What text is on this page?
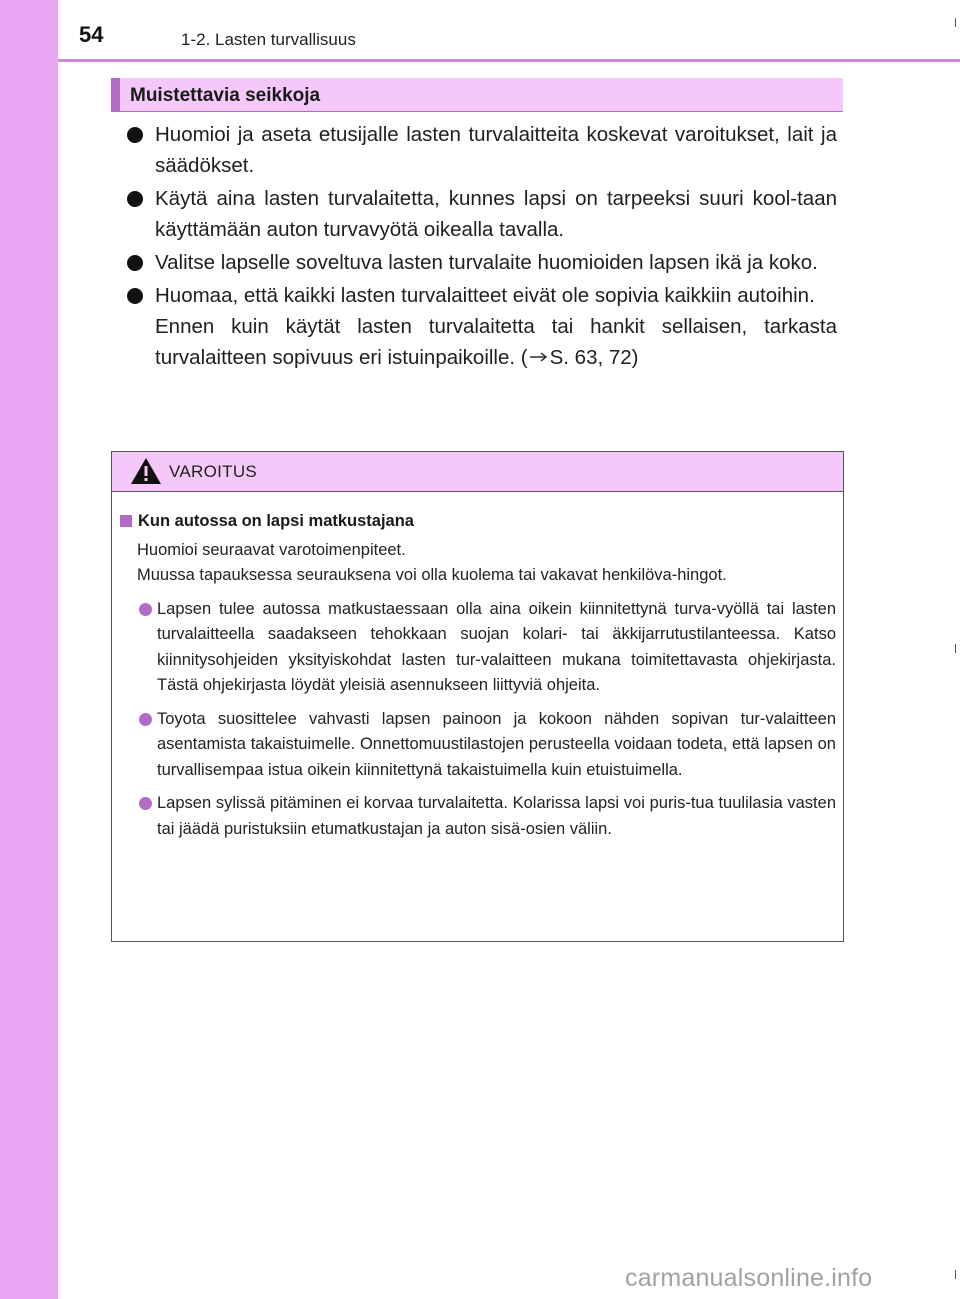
54	1-2. Lasten turvallisuus
Muistettavia seikkoja
Huomioi ja aseta etusijalle lasten turvalaitteita koskevat varoitukset, lait ja säädökset.
Käytä aina lasten turvalaitetta, kunnes lapsi on tarpeeksi suuri kool-taan käyttämään auton turvavyötä oikealla tavalla.
Valitse lapselle soveltuva lasten turvalaite huomioiden lapsen ikä ja koko.
Huomaa, että kaikki lasten turvalaitteet eivät ole sopivia kaikkiin autoihin.
Ennen kuin käytät lasten turvalaitetta tai hankit sellaisen, tarkasta turvalaitteen sopivuus eri istuinpaikoille. ( S. 63, 72)
VAROITUS
Kun autossa on lapsi matkustajana
Huomioi seuraavat varotoimenpiteet.
Muussa tapauksessa seurauksena voi olla kuolema tai vakavat henkilöva-hingot.
Lapsen tulee autossa matkustaessaan olla aina oikein kiinnitettynä turva-vyöllä tai lasten turvalaitteella saadakseen tehokkaan suojan kolari- tai äkkijarrutustilanteessa. Katso kiinnitysohjeiden yksityiskohdat lasten tur-valaitteen mukana toimitettavasta ohjekirjasta. Tästä ohjekirjasta löydät yleisiä asennukseen liittyviä ohjeita.
Toyota suosittelee vahvasti lapsen painoon ja kokoon nähden sopivan tur-valaitteen asentamista takaistuimelle. Onnettomuustilastojen perusteella voidaan todeta, että lapsen on turvallisempaa istua oikein kiinnitettynä takaistuimella kuin etuistuimella.
Lapsen sylissä pitäminen ei korvaa turvalaitetta. Kolarissa lapsi voi puris-tua tuulilasia vasten tai jäädä puristuksiin etumatkustajan ja auton sisä-osien väliin.
carmanualsonline.info
